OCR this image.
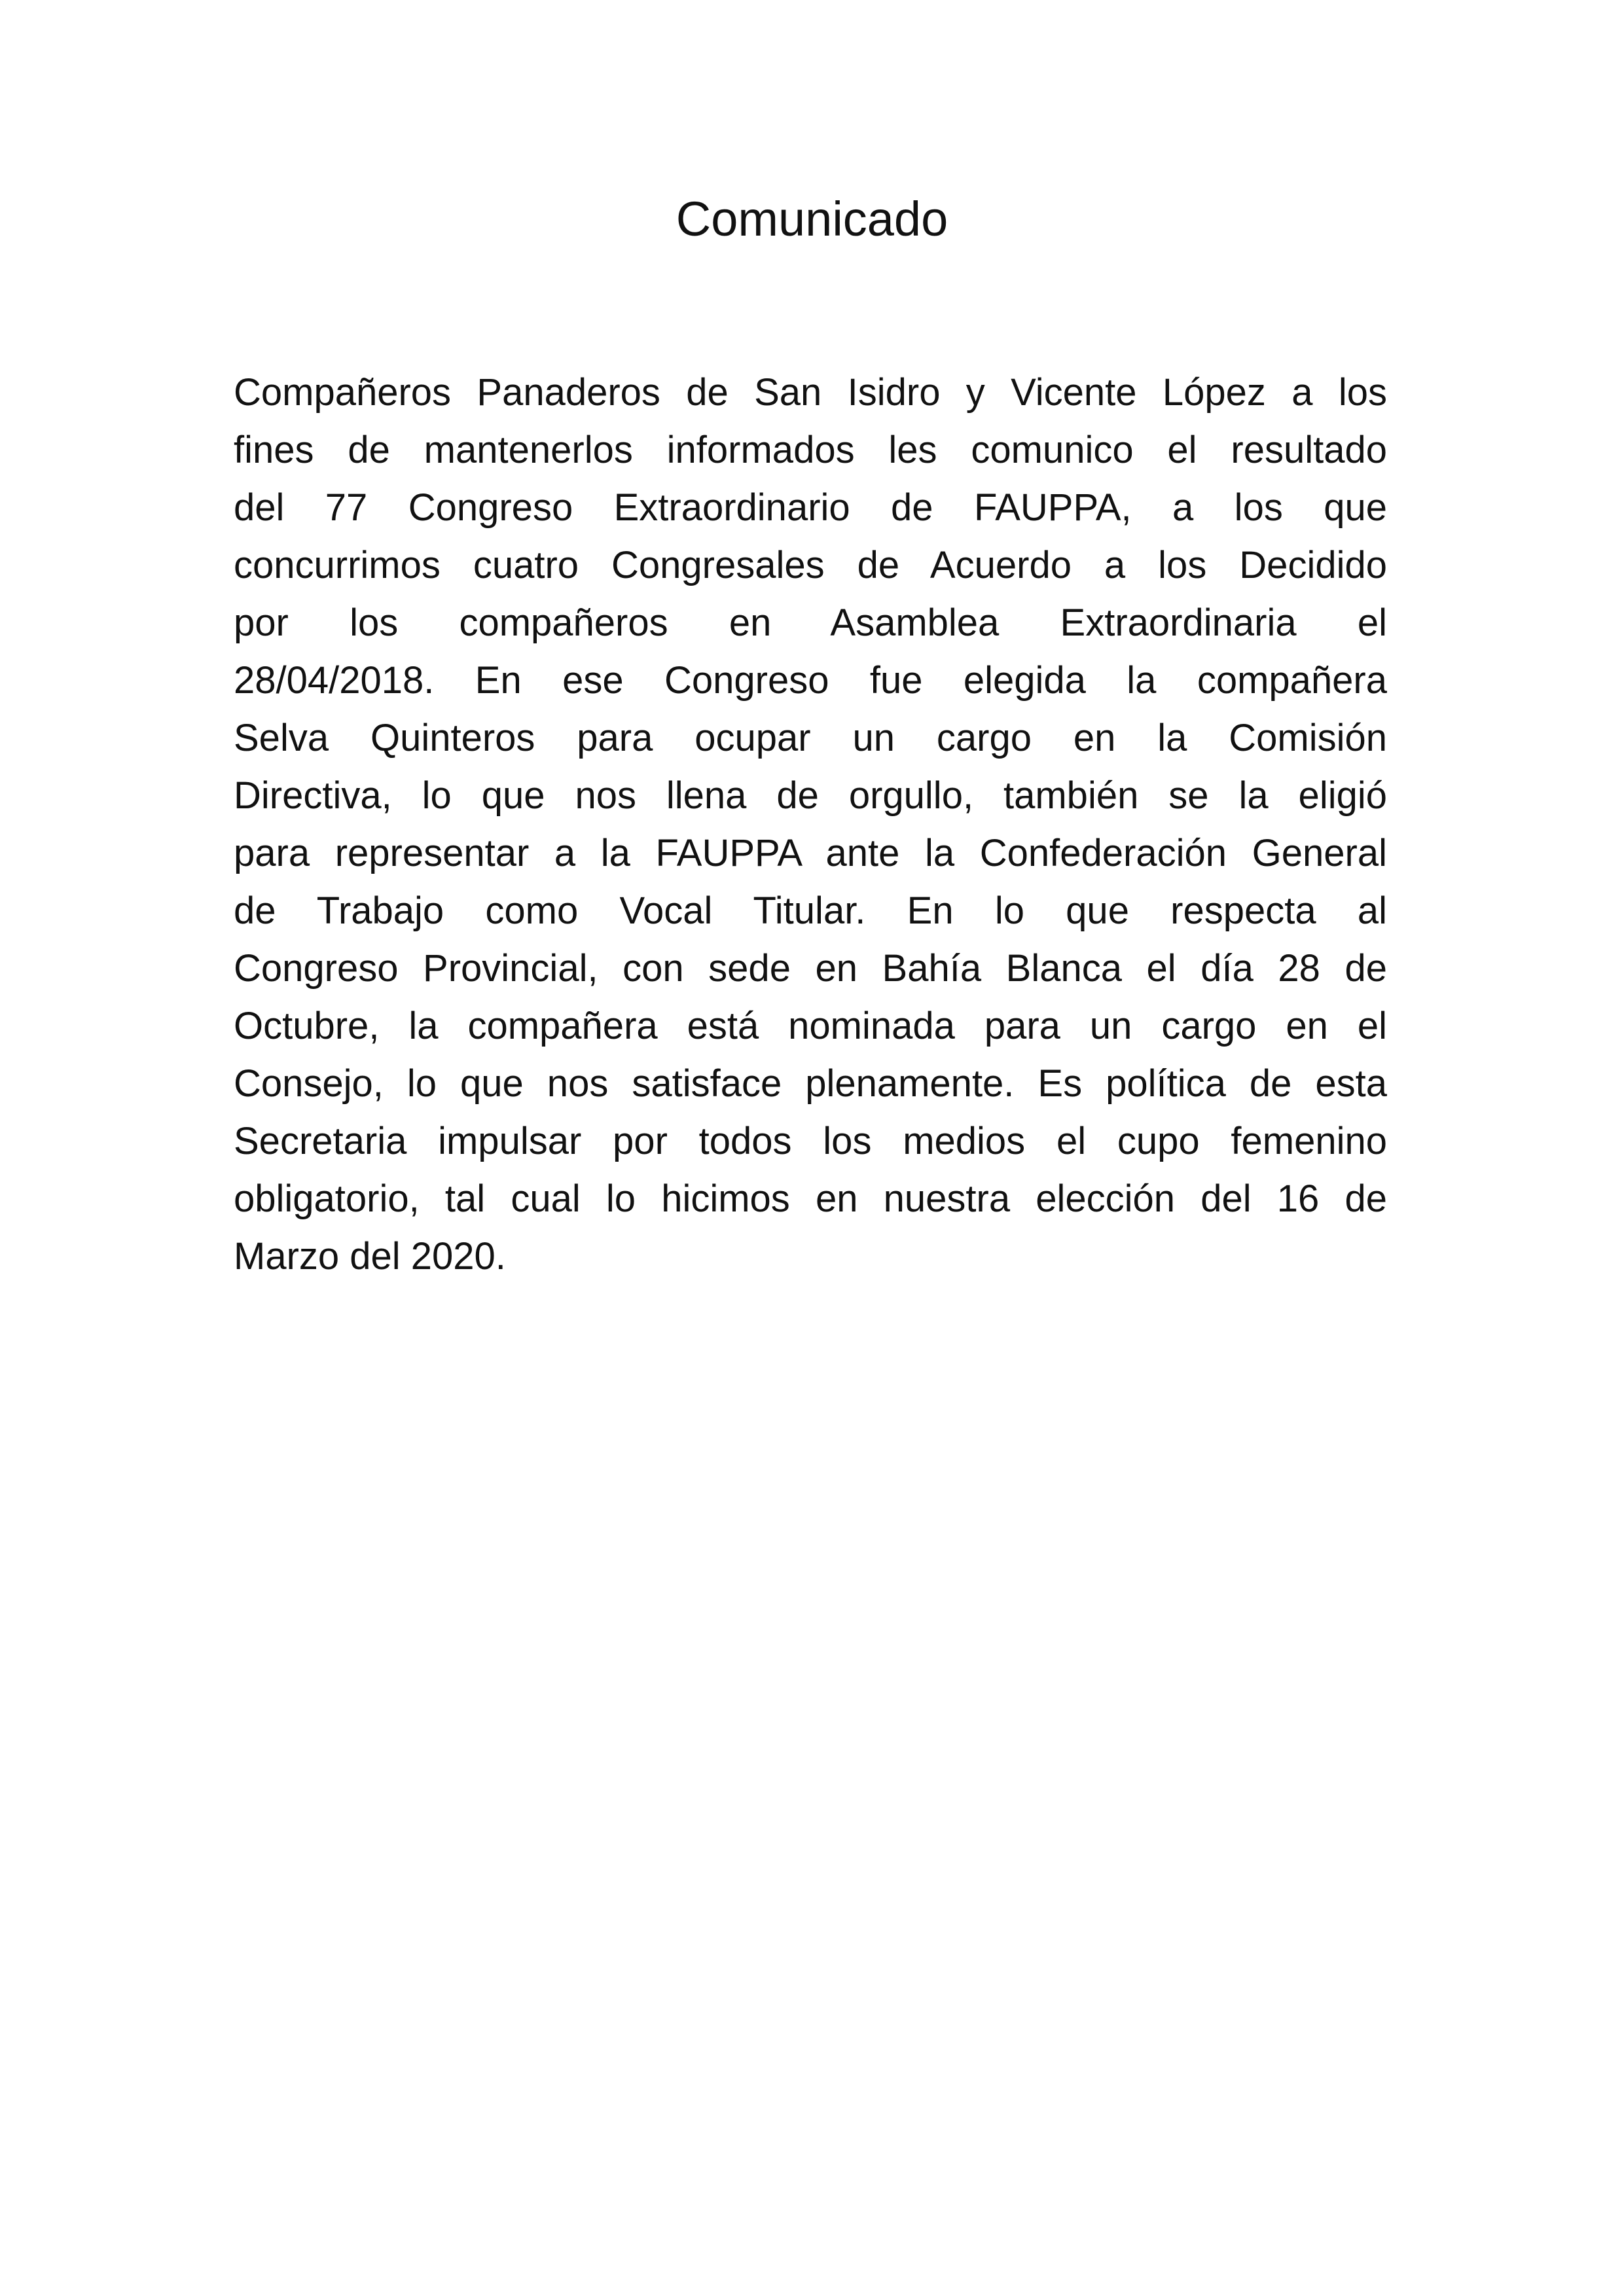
Comunicado
Compañeros Panaderos de San Isidro y Vicente López a los
fines de mantenerlos informados les comunico el resultado
del 77 Congreso Extraordinario de FAUPPA, a los que
concurrimos cuatro Congresales de Acuerdo a los Decidido
por los compañeros en Asamblea Extraordinaria el
28/04/2018. En ese Congreso fue elegida la compañera
Selva Quinteros para ocupar un cargo en la Comisión
Directiva, lo que nos llena de orgullo, también se la eligió
para representar a la FAUPPA ante la Confederación General
de Trabajo como Vocal Titular. En lo que respecta al
Congreso Provincial, con sede en Bahía Blanca el día 28 de
Octubre, la compañera está nominada para un cargo en el
Consejo, lo que nos satisface plenamente. Es política de esta
Secretaria impulsar por todos los medios el cupo femenino
obligatorio, tal cual lo hicimos en nuestra elección del 16 de
Marzo del 2020.
